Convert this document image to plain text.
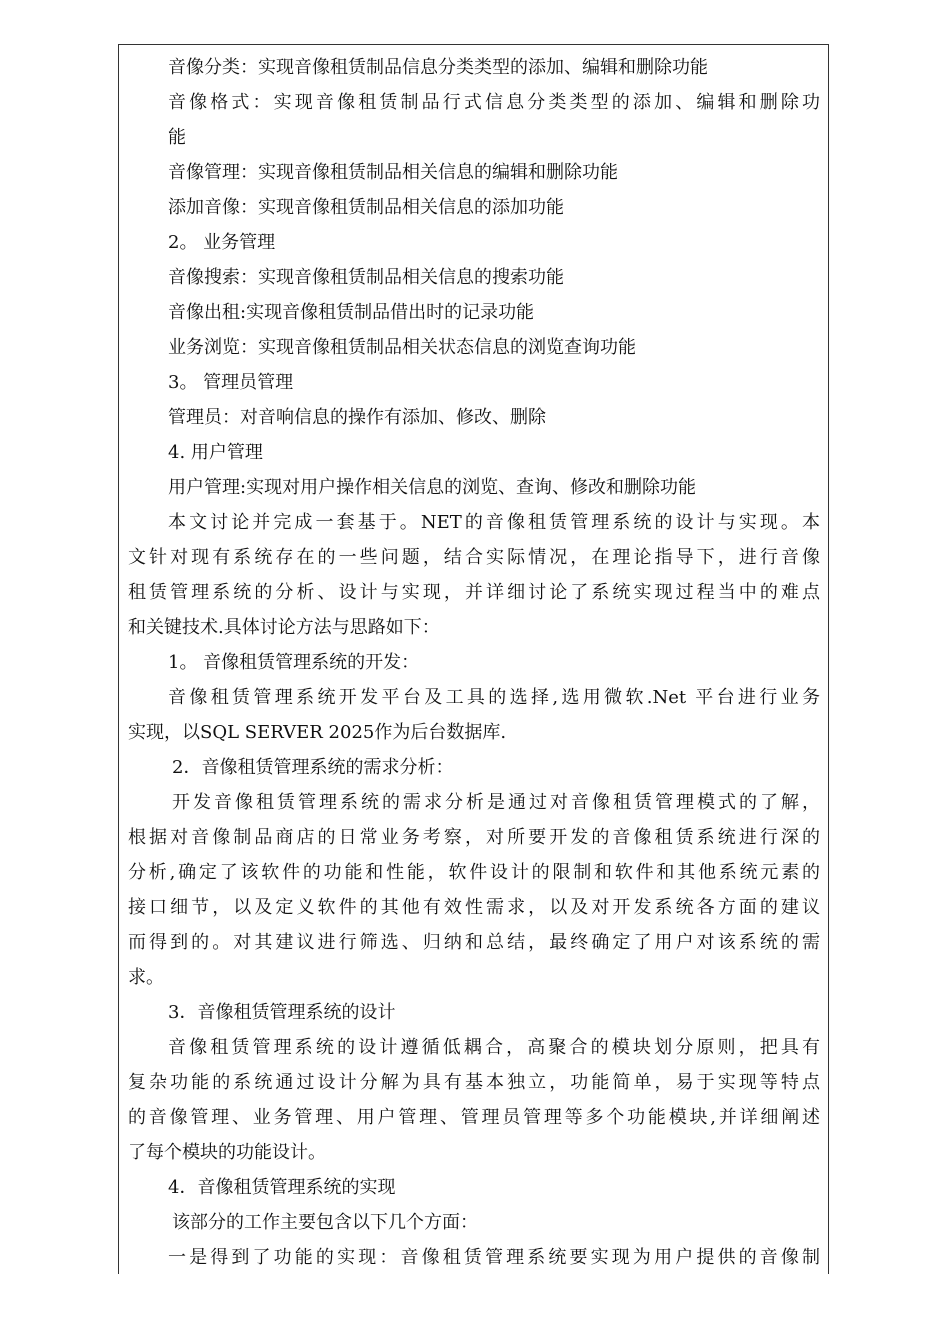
音像分类：实现音像租赁制品信息分类类型的添加、编辑和删除功能
音像格式：实现音像租赁制品行式信息分类类型的添加、编辑和删除功
能
音像管理：实现音像租赁制品相关信息的编辑和删除功能
添加音像：实现音像租赁制品相关信息的添加功能
2。 业务管理
音像搜索：实现音像租赁制品相关信息的搜索功能
音像出租:实现音像租赁制品借出时的记录功能
业务浏览：实现音像租赁制品相关状态信息的浏览查询功能
3。 管理员管理
管理员：对音响信息的操作有添加、修改、删除
4. 用户管理
用户管理:实现对用户操作相关信息的浏览、查询、修改和删除功能
本文讨论并完成一套基于。NET的音像租赁管理系统的设计与实现。本
文针对现有系统存在的一些问题，结合实际情况，在理论指导下，进行音像
租赁管理系统的分析、设计与实现，并详细讨论了系统实现过程当中的难点
和关键技术.具体讨论方法与思路如下：
1。 音像租赁管理系统的开发：
音像租赁管理系统开发平台及工具的选择,选用微软.Net 平台进行业务
实现，以SQL SERVER 2025作为后台数据库.
2．音像租赁管理系统的需求分析：
开发音像租赁管理系统的需求分析是通过对音像租赁管理模式的了解，
根据对音像制品商店的日常业务考察，对所要开发的音像租赁系统进行深的
分析,确定了该软件的功能和性能，软件设计的限制和软件和其他系统元素的
接口细节，以及定义软件的其他有效性需求，以及对开发系统各方面的建议
而得到的。对其建议进行筛选、归纳和总结，最终确定了用户对该系统的需
求。
3．音像租赁管理系统的设计
音像租赁管理系统的设计遵循低耦合，高聚合的模块划分原则，把具有
复杂功能的系统通过设计分解为具有基本独立，功能简单，易于实现等特点
的音像管理、业务管理、用户管理、管理员管理等多个功能模块,并详细阐述
了每个模块的功能设计。
4．音像租赁管理系统的实现
该部分的工作主要包含以下几个方面：
一是得到了功能的实现：音像租赁管理系统要实现为用户提供的音像制
